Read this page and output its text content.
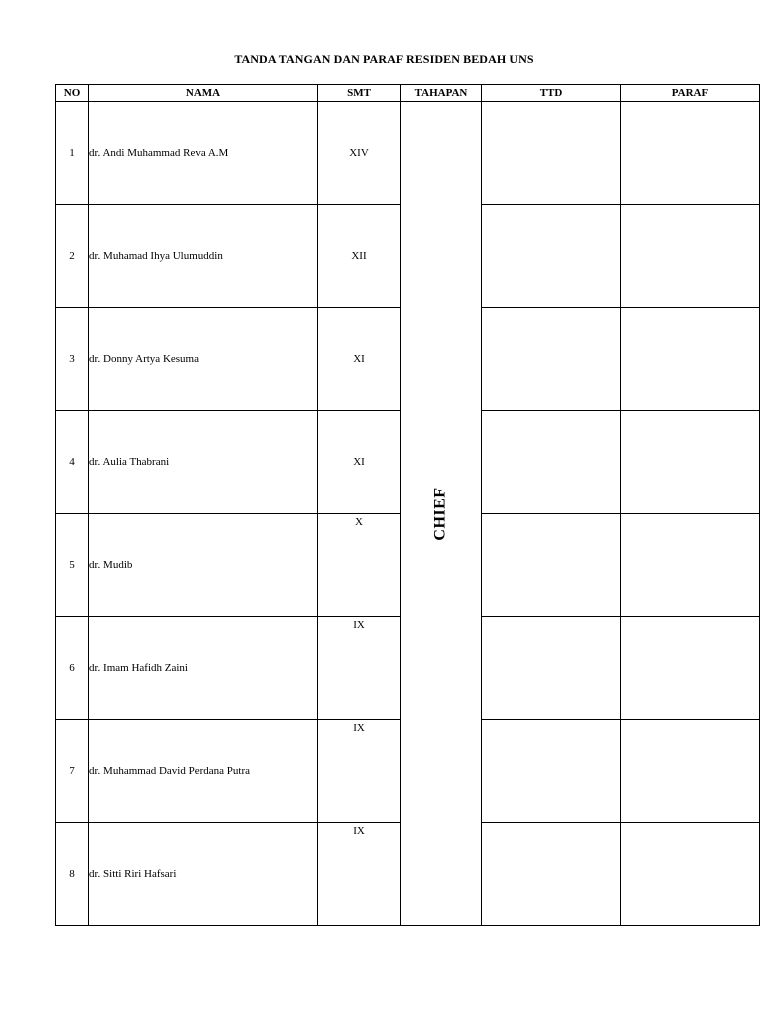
TANDA TANGAN DAN PARAF RESIDEN BEDAH UNS
NO	NAMA	SMT	TAHAPAN	TTD	PARAF
1	dr. Andi Muhammad Reva A.M	XIV	CHIEF		
2	dr. Muhamad Ihya Ulumuddin	XII			
3	dr. Donny Artya Kesuma	XI			
4	dr. Aulia Thabrani	XI			
5	dr. Mudib	X			

6	dr. Imam Hafidh Zaini	IX			

7	dr. Muhammad David Perdana Putra	IX			

8	dr. Sitti Riri Hafsari	IX			
